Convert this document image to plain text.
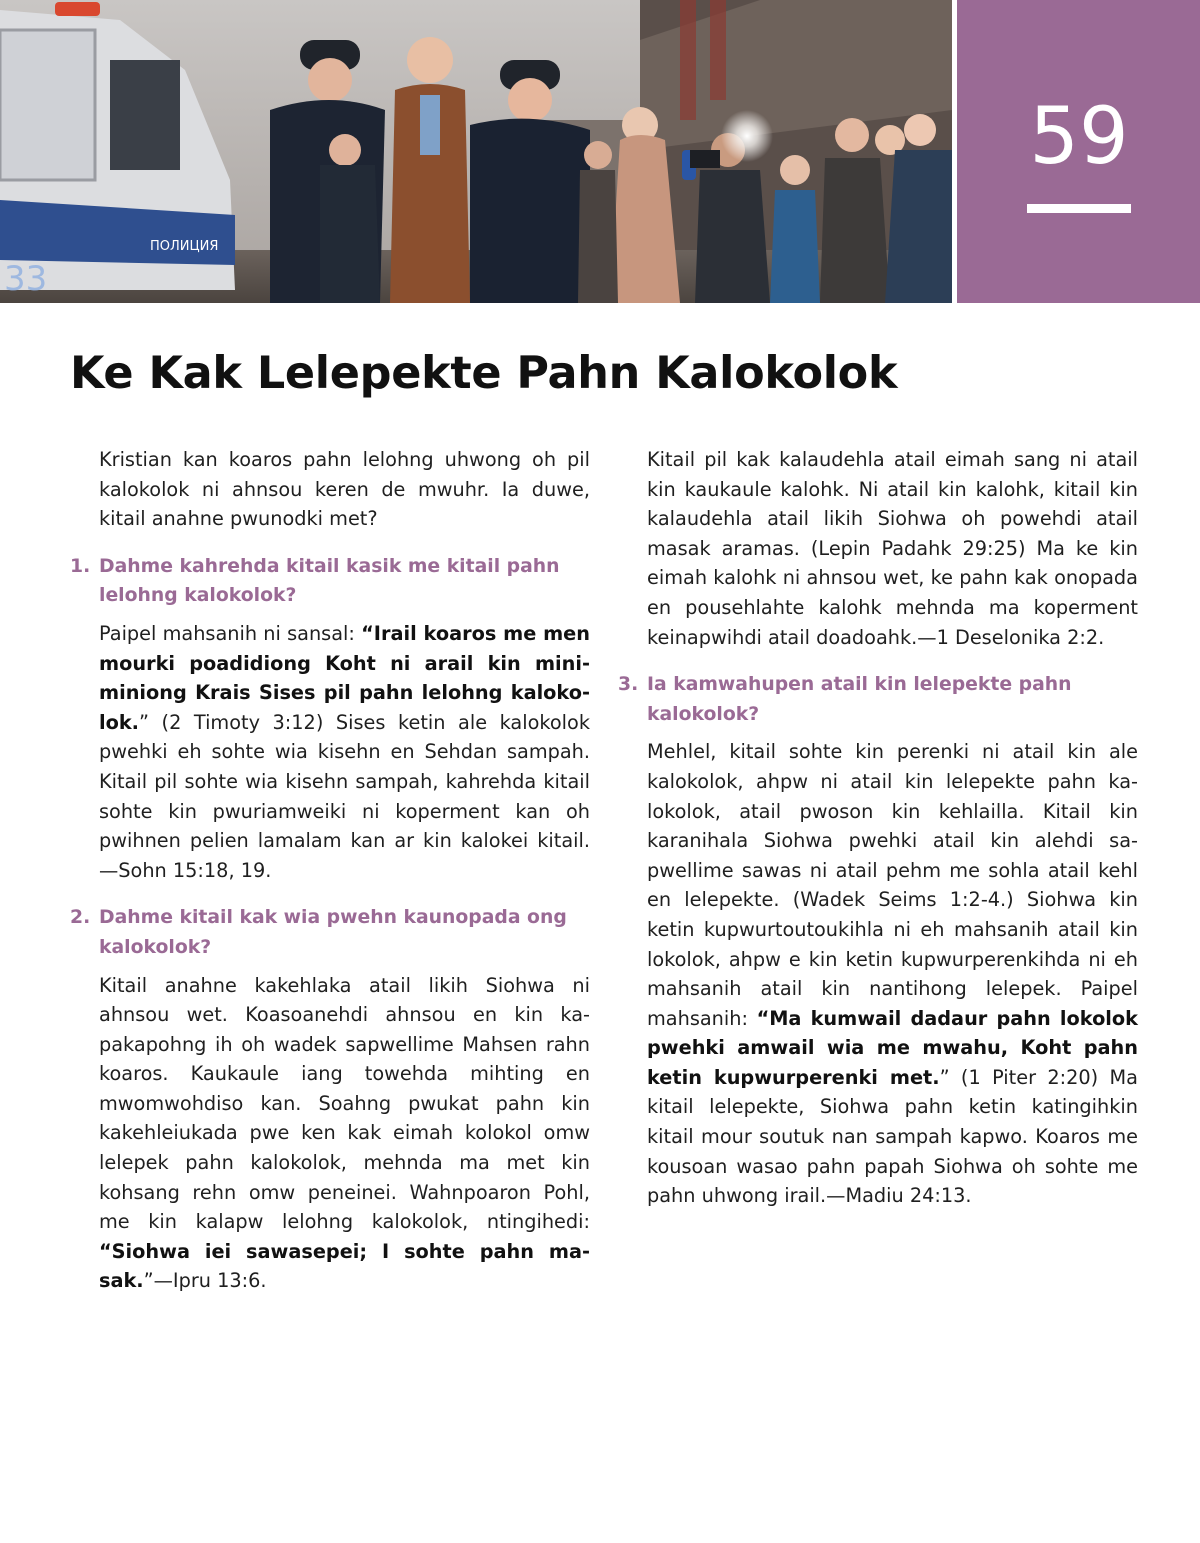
ПОЛИЦИЯ
33
59
Ke Kak Lelepekte Pahn Kalokolok

Kristian kan koaros pahn lelohng uhwong oh pil kalokolok ni ahnsou keren de mwuhr. Ia duwe, kitail anahne pwunodki met?

1. Dahme kahrehda kitail kasik me kitail pahn lelohng kalokolok?

Paipel mahsanih ni sansal: “Irail koaros me men mourki poadidiong Koht ni arail kin miniminiong Krais Sises pil pahn lelohng kalokolok.” (2 Timoty 3:12) Sises ketin ale kalokolok pwehki eh sohte wia kisehn en Sehdan sampah. Kitail pil sohte wia kisehn sampah, kahrehda kitail sohte kin pwuriamweiki ni koperment kan oh pwihnen pelien lamalam kan ar kin kalokei kitail. —Sohn 15:18, 19.

2. Dahme kitail kak wia pwehn kaunopada ong kalokolok?

Kitail anahne kakehlaka atail likih Siohwa ni ahnsou wet. Koasoanehdi ahnsou en kin kapakapohng ih oh wadek sapwellime Mahsen rahn koaros. Kaukaule iang towehda mihting en mwomwohdiso kan. Soahng pwukat pahn kin kakehleiukada pwe ken kak eimah kolokol omw lelepek pahn kalokolok, mehnda ma met kin kohsang rehn omw peneinei. Wahnpoaron Pohl, me kin kalapw lelohng kalokolok, ntingihedi: “Siohwa iei sawasepei; I sohte pahn masak.”—Ipru 13:6.

Kitail pil kak kalaudehla atail eimah sang ni atail kin kaukaule kalohk. Ni atail kin kalohk, kitail kin kalaudehla atail likih Siohwa oh powehdi atail masak aramas. (Lepin Padahk 29:25) Ma ke kin eimah kalohk ni ahnsou wet, ke pahn kak onopada en pousehlahte kalohk mehnda ma koperment keinapwihdi atail doadoahk.—1 Deselonika 2:2.

3. Ia kamwahupen atail kin lelepekte pahn kalokolok?

Mehlel, kitail sohte kin perenki ni atail kin ale kalokolok, ahpw ni atail kin lelepekte pahn kalokolok, atail pwoson kin kehlailla. Kitail kin karanihala Siohwa pwehki atail kin alehdi sapwellime sawas ni atail pehm me sohla atail kehl en lelepekte. (Wadek Seims 1:2-4.) Siohwa kin ketin kupwurtoutoukihla ni eh mahsanih atail kin lokolok, ahpw e kin ketin kupwurperenkihda ni eh mahsanih atail kin nantihong lelepek. Paipel mahsanih: “Ma kumwail dadaur pahn lokolok pwehki amwail wia me mwahu, Koht pahn ketin kupwurperenki met.” (1 Piter 2:20) Ma kitail lelepekte, Siohwa pahn ketin katingihkin kitail mour soutuk nan sampah kapwo. Koaros me kousoan wasao pahn papah Siohwa oh sohte me pahn uhwong irail.—Madiu 24:13.
